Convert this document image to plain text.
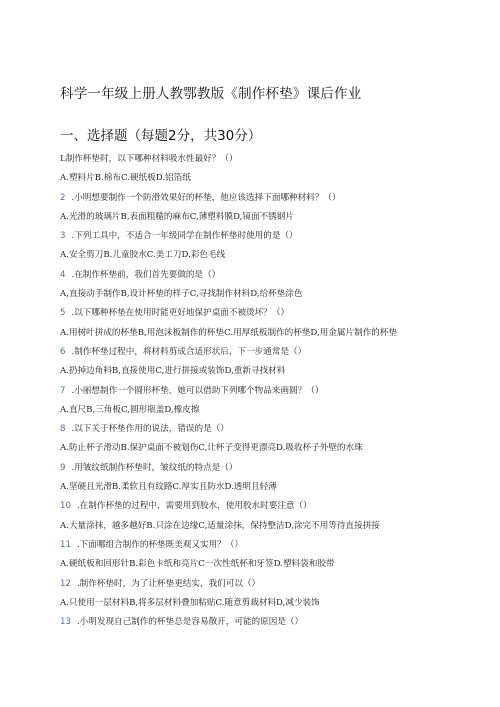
科学一年级上册人教鄂教版《制作杯垫》课后作业
一、选择题（每题2分，共30分）
L制作杯垫时，以下哪种材料吸水性最好？（）
A.塑料片B.棉布C.硬纸板D.铝箔纸
2 .小明想要制作一个防滑效果好的杯垫，他应该选择下面哪种材料？（）
A.光滑的玻璃片B,表面粗糙的麻布C,薄塑料膜D,镜面不锈钢片
3 .下列工具中，不适合一年级同学在制作杯垫时使用的是（）
A.安全剪刀B.儿童胶水C.美工刀D.彩色毛线
4 .在制作杯垫前，我们首先要做的是（）
A,直接动手制作B,设计杯垫的样子C,寻找制作材料D,给杯垫涂色
5 .以下哪种杯垫在使用时能更好地保护桌面不被烫坏？（）
A.用树叶拼成的杯垫B,用泡沫板制作的杯垫C.用厚纸板制作的杯垫D,用金属片制作的杯垫
6 .制作杯垫过程中，将材料剪成合适形状后，下一步通常是（）
A.扔掉边角料B,直接使用C,进行拼接或装饰D,重新寻找材料
7 .小丽想制作一个圆形杯垫，她可以借助下列哪个物品来画圆？（）
A.直尺B,三角板C,圆形瓶盖D,橡皮擦
8 .以下关于杯垫作用的说法，错误的是（）
A.防止杯子滑动B.保护桌面不被划伤C,让杯子变得更漂亮D.吸收杯子外壁的水珠
9 .用皱纹纸制作杯垫时，皱纹纸的特点是（）
A.坚硬且光滑B.柔软且有纹路C.厚实且防水D.透明且轻薄
10 .在制作杯垫的过程中，需要用到胶水，使用胶水时要注意（）
A.大量涂抹，越多越好B.只涂在边缘C,适量涂抹，保持整洁D,涂完不用等待直接拼接
11 .下面哪组合制作的杯垫既美观又实用？（）
A.硬纸板和回形针B.彩色卡纸和亮片C一次性纸杯和牙签D.塑料袋和胶带
12 .制作杯垫时，为了让杯垫更结实，我们可以（）
A.只使用一层材料B,将多层材料叠加粘贴C.随意剪裁材料D,减少装饰
13 .小明发现自己制作的杯垫总是容易散开，可能的原因是（）
